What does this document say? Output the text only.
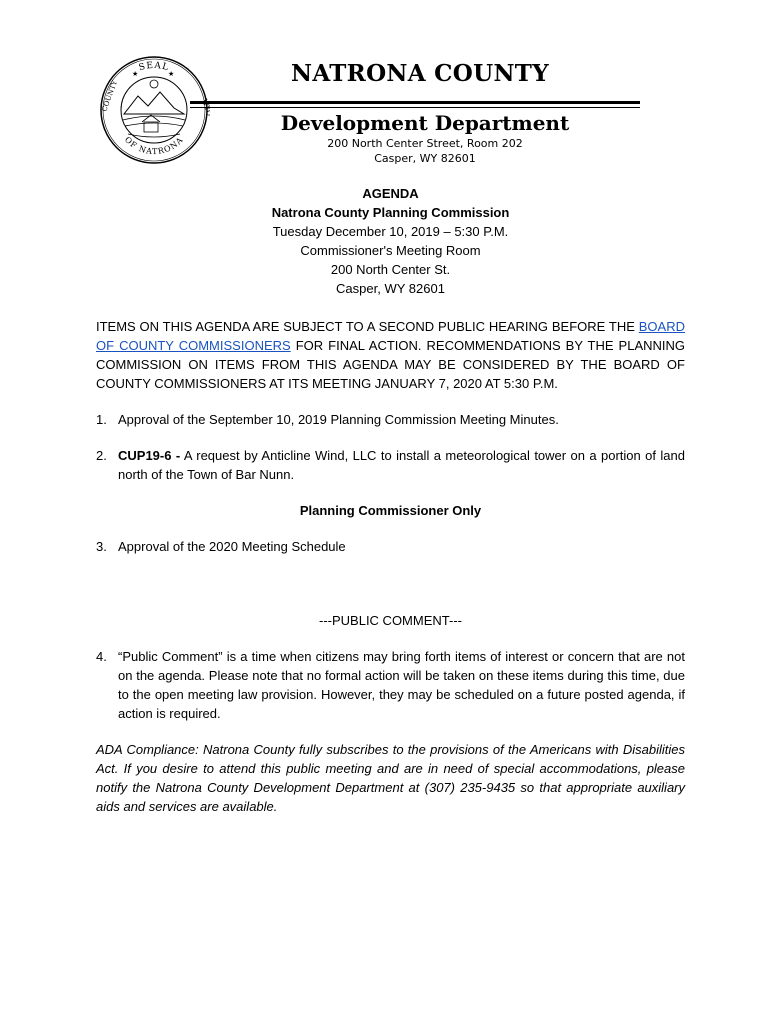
SEAL
OF NATRONA
COUNTY	WYO
★	★	NATRONA COUNTY
Development Department
200 North Center Street, Room 202
Casper, WY 82601
AGENDA
Natrona County Planning Commission
Tuesday December 10, 2019 – 5:30 P.M.
Commissioner's Meeting Room
200 North Center St.
Casper, WY 82601

ITEMS ON THIS AGENDA ARE SUBJECT TO A SECOND PUBLIC HEARING BEFORE THE BOARD OF COUNTY COMMISSIONERS FOR FINAL ACTION. RECOMMENDATIONS BY THE PLANNING COMMISSION ON ITEMS FROM THIS AGENDA MAY BE CONSIDERED BY THE BOARD OF COUNTY COMMISSIONERS AT ITS MEETING JANUARY 7, 2020 AT 5:30 P.M.

1. Approval of the September 10, 2019 Planning Commission Meeting Minutes.
2. CUP19-6 - A request by Anticline Wind, LLC to install a meteorological tower on a portion of land north of the Town of Bar Nunn.
Planning Commissioner Only
3. Approval of the 2020 Meeting Schedule
---PUBLIC COMMENT---
4. “Public Comment” is a time when citizens may bring forth items of interest or concern that are not on the agenda. Please note that no formal action will be taken on these items during this time, due to the open meeting law provision. However, they may be scheduled on a future posted agenda, if action is required.

ADA Compliance: Natrona County fully subscribes to the provisions of the Americans with Disabilities Act. If you desire to attend this public meeting and are in need of special accommodations, please notify the Natrona County Development Department at (307) 235-9435 so that appropriate auxiliary aids and services are available.
